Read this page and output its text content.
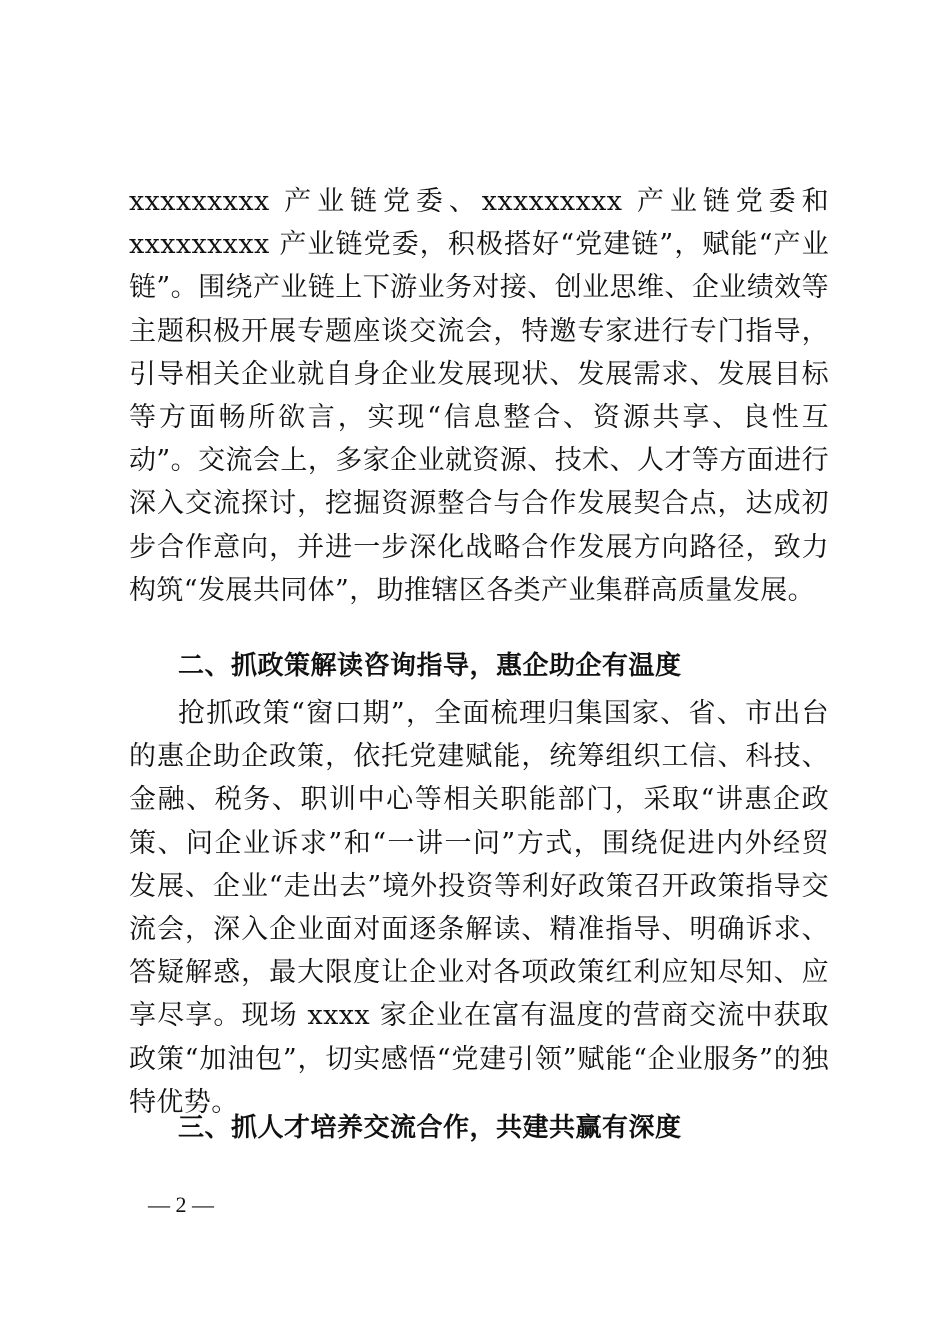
xxxxxxxxx 产业链党委、xxxxxxxxx 产业链党委和 xxxxxxxxx 产业链党委，积极搭好“党建链”，赋能“产业链”。围绕产业链上下游业务对接、创业思维、企业绩效等主题积极开展专题座谈交流会，特邀专家进行专门指导，引导相关企业就自身企业发展现状、发展需求、发展目标等方面畅所欲言，实现“信息整合、资源共享、良性互动”。交流会上，多家企业就资源、技术、人才等方面进行深入交流探讨，挖掘资源整合与合作发展契合点，达成初步合作意向，并进一步深化战略合作发展方向路径，致力构筑“发展共同体”，助推辖区各类产业集群高质量发展。

二、抓政策解读咨询指导，惠企助企有温度

抢抓政策“窗口期”，全面梳理归集国家、省、市出台的惠企助企政策，依托党建赋能，统筹组织工信、科技、金融、税务、职训中心等相关职能部门，采取“讲惠企政策、问企业诉求”和“一讲一问”方式，围绕促进内外经贸发展、企业“走出去”境外投资等利好政策召开政策指导交流会，深入企业面对面逐条解读、精准指导、明确诉求、答疑解惑，最大限度让企业对各项政策红利应知尽知、应享尽享。现场 xxxx 家企业在富有温度的营商交流中获取政策“加油包”，切实感悟“党建引领”赋能“企业服务”的独特优势。

三、抓人才培养交流合作，共建共赢有深度
— 2 —
